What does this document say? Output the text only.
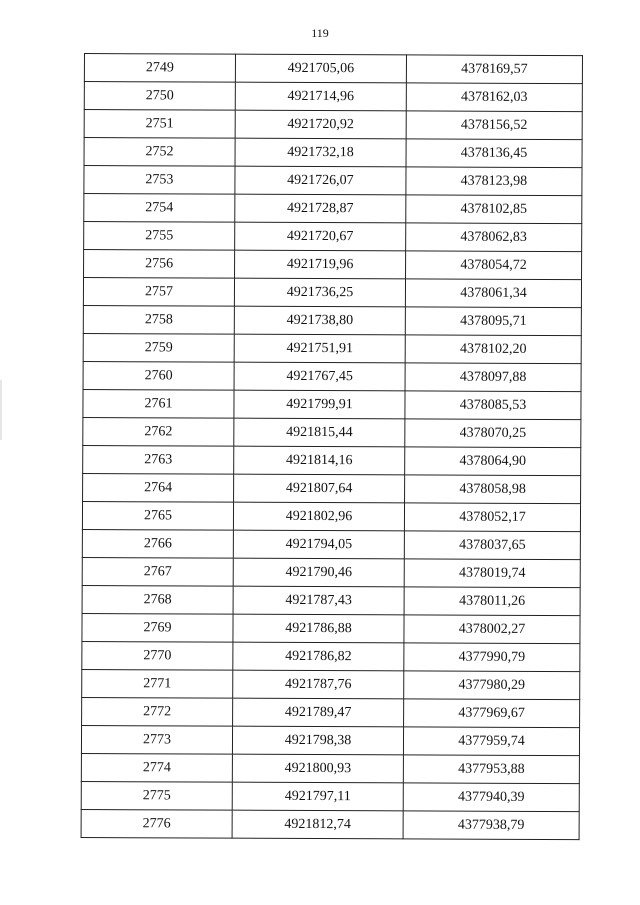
119
2749	4921705,06	4378169,57
2750	4921714,96	4378162,03
2751	4921720,92	4378156,52
2752	4921732,18	4378136,45
2753	4921726,07	4378123,98
2754	4921728,87	4378102,85
2755	4921720,67	4378062,83
2756	4921719,96	4378054,72
2757	4921736,25	4378061,34
2758	4921738,80	4378095,71
2759	4921751,91	4378102,20
2760	4921767,45	4378097,88
2761	4921799,91	4378085,53
2762	4921815,44	4378070,25
2763	4921814,16	4378064,90
2764	4921807,64	4378058,98
2765	4921802,96	4378052,17
2766	4921794,05	4378037,65
2767	4921790,46	4378019,74
2768	4921787,43	4378011,26
2769	4921786,88	4378002,27
2770	4921786,82	4377990,79
2771	4921787,76	4377980,29
2772	4921789,47	4377969,67
2773	4921798,38	4377959,74
2774	4921800,93	4377953,88
2775	4921797,11	4377940,39
2776	4921812,74	4377938,79
